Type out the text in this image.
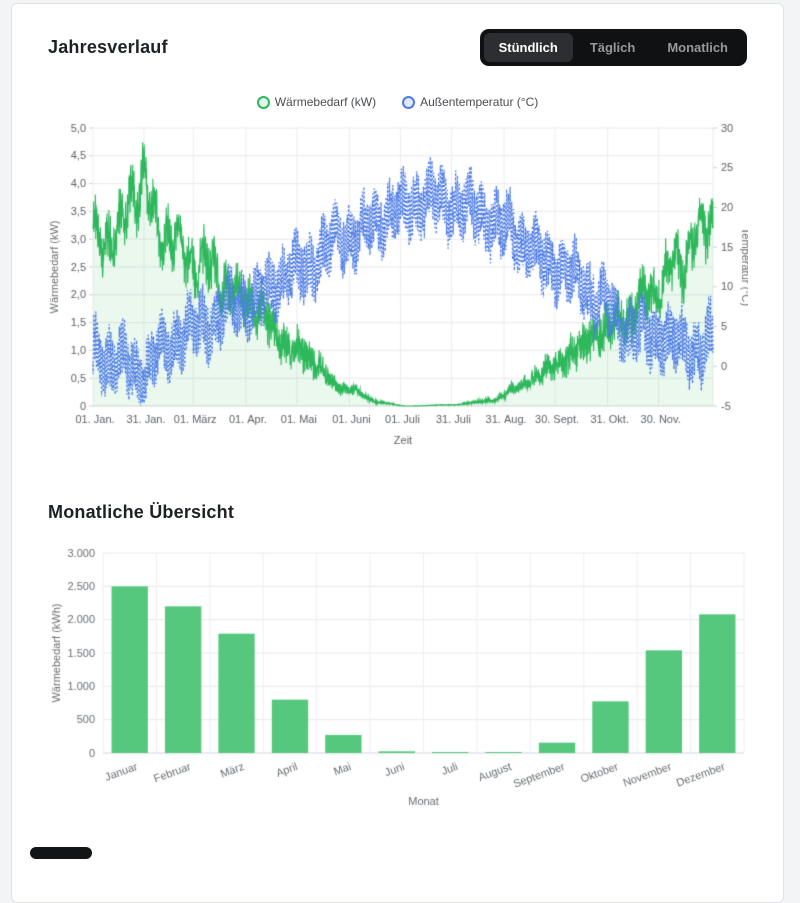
Jahresverlauf	Stündlich	Täglich	Monatlich
Wärmebedarf (kW)	Außentemperatur (°C)
Monatliche Übersicht
